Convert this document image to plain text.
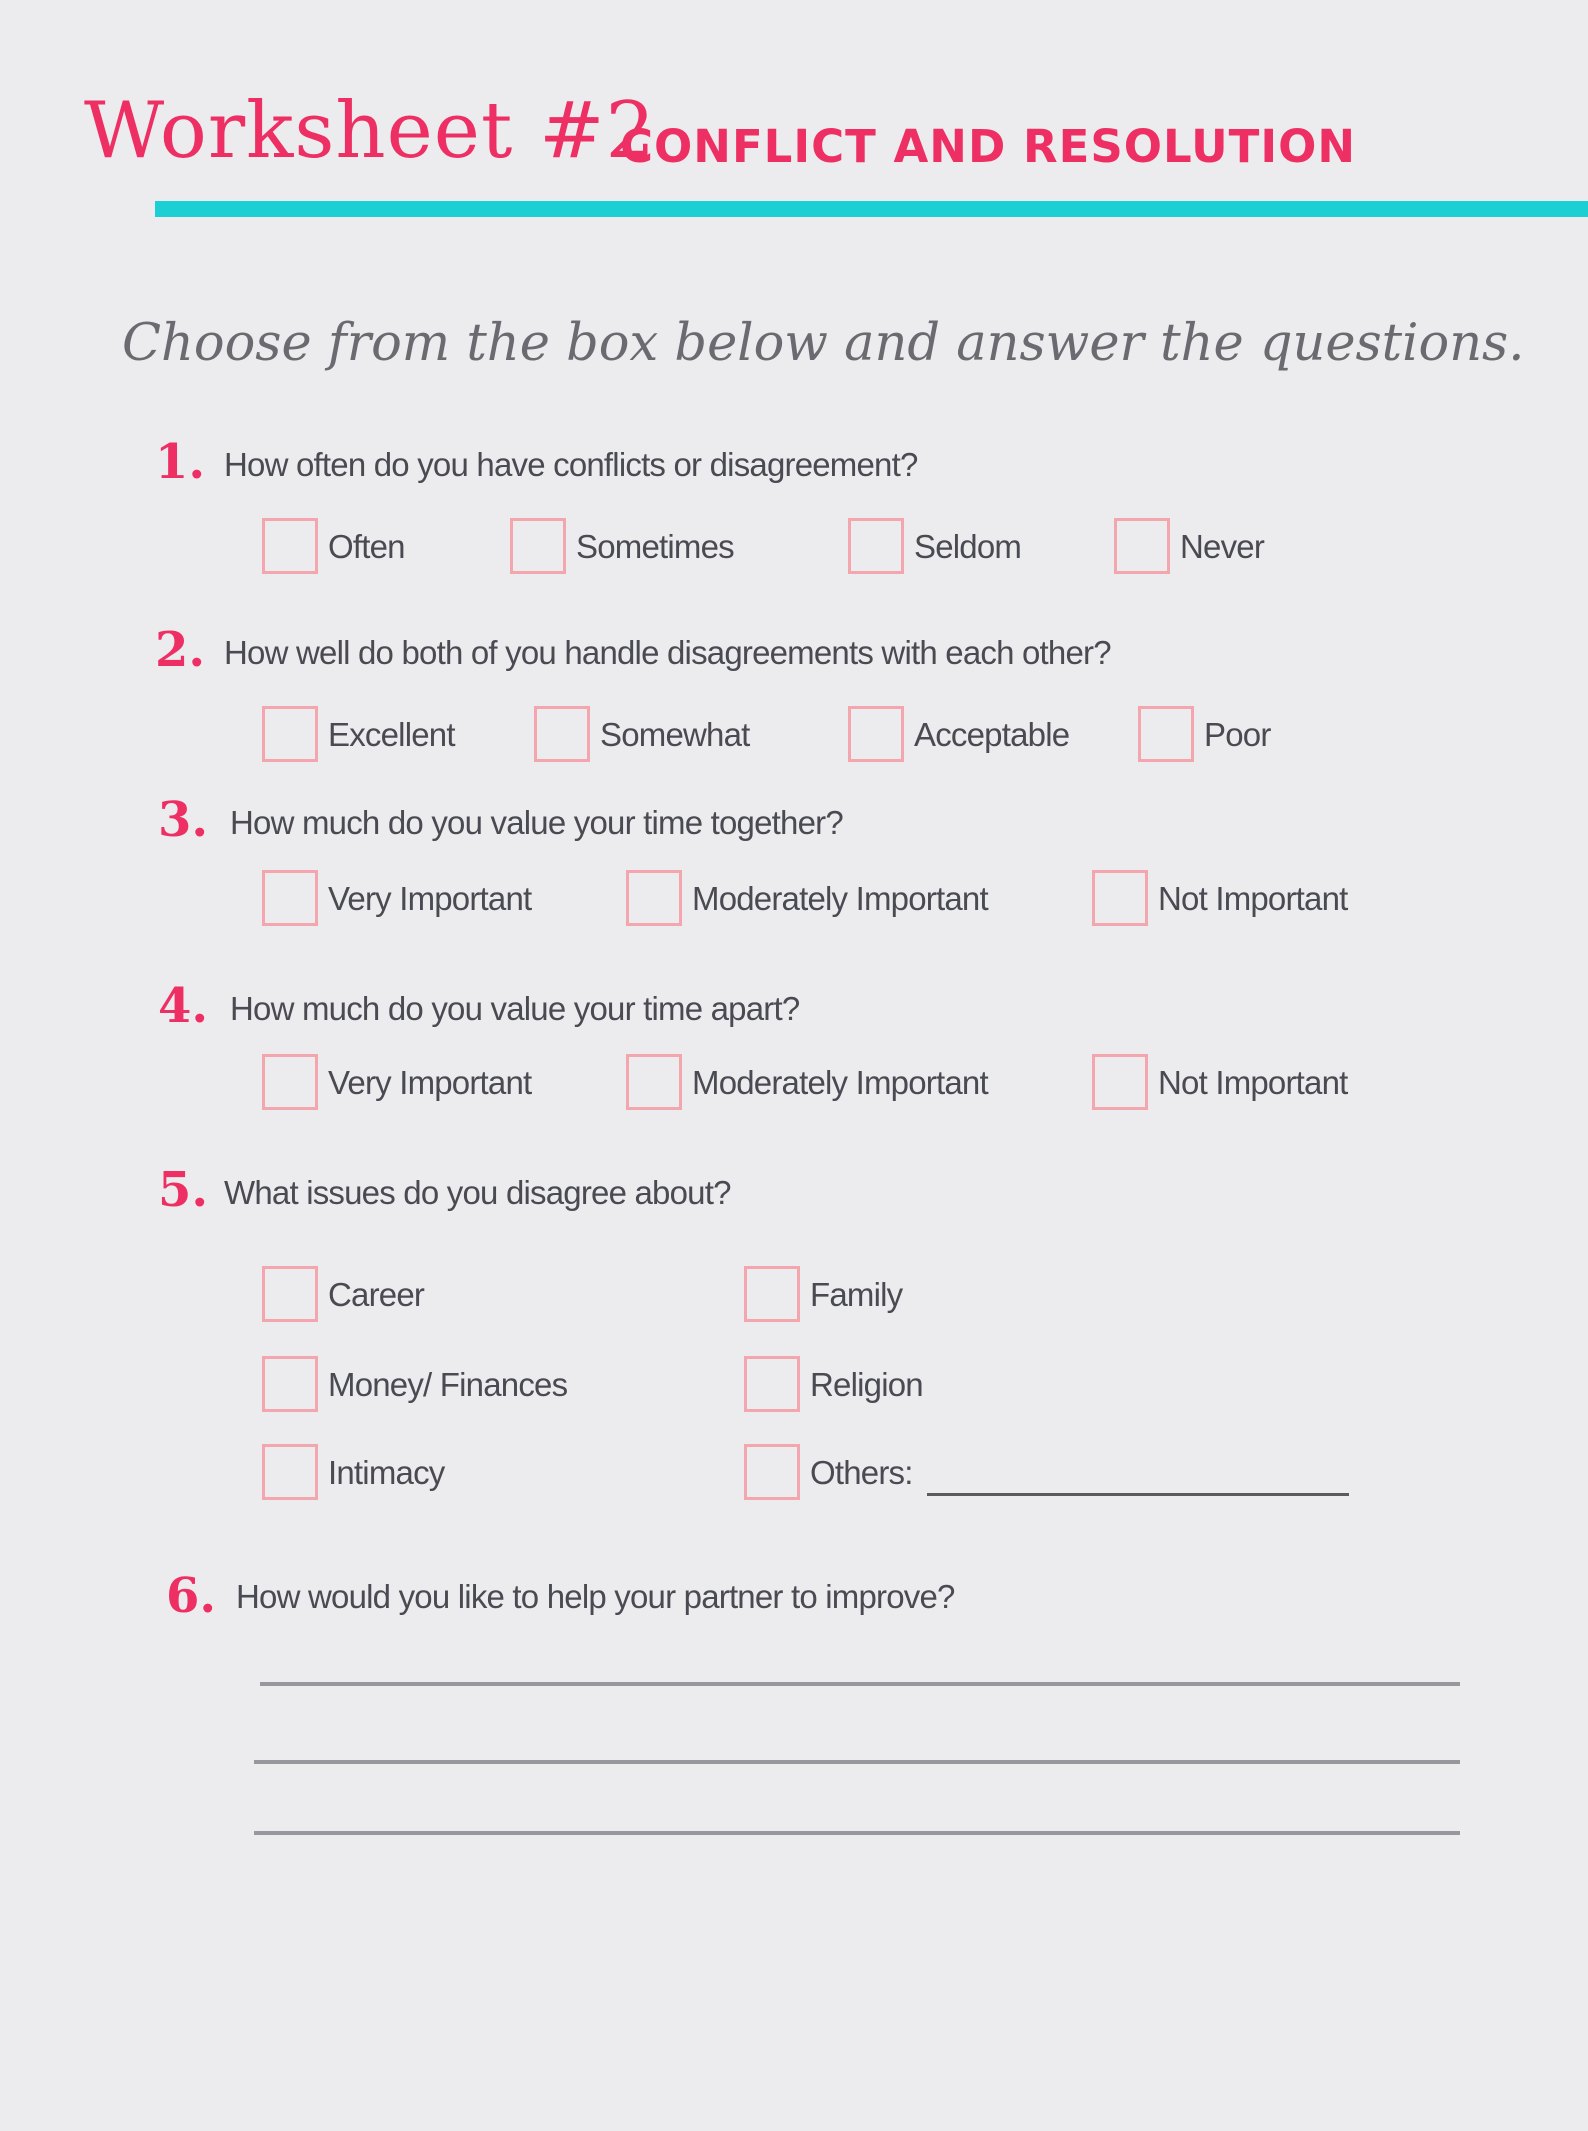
Worksheet #2
CONFLICT AND RESOLUTION
Choose from the box below and answer the questions.
1. How often do you have conflicts or disagreement?
Often	Sometimes	Seldom	Never
2. How well do both of you handle disagreements with each other?
Excellent	Somewhat	Acceptable	Poor
3. How much do you value your time together?
Very Important	Moderately Important	Not Important
4. How much do you value your time apart?
Very Important	Moderately Important	Not Important
5. What issues do you disagree about?
Career	Family
Money/ Finances	Religion
Intimacy	Others:
6. How would you like to help your partner to improve?
